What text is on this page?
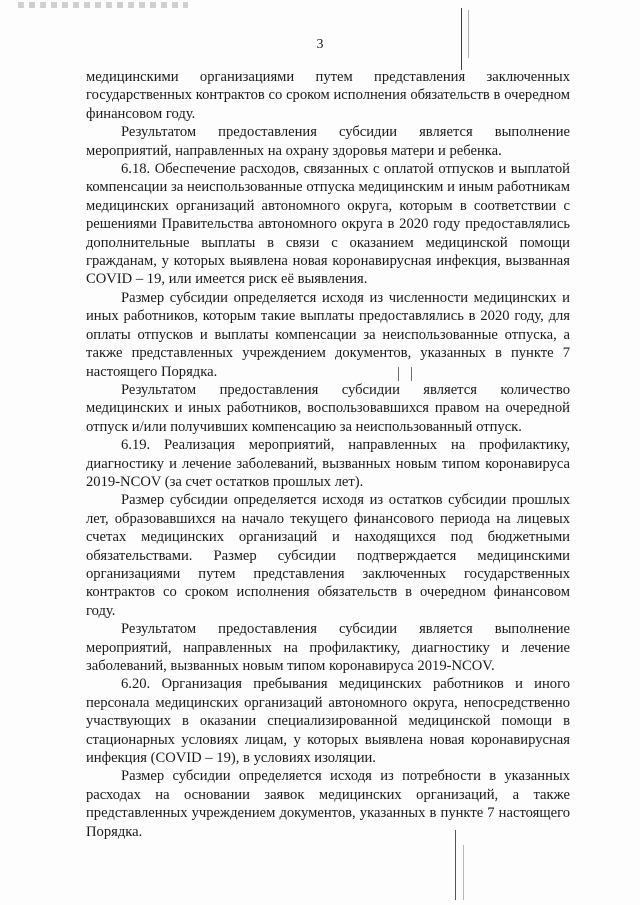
3

медицинскими организациями путем представления заключенных государственных контрактов со сроком исполнения обязательств в очередном финансовом году.

Результатом предоставления субсидии является выполнение мероприятий, направленных на охрану здоровья матери и ребенка.

6.18. Обеспечение расходов, связанных с оплатой отпусков и выплатой компенсации за неиспользованные отпуска медицинским и иным работникам медицинских организаций автономного округа, которым в соответствии с решениями Правительства автономного округа в 2020 году предоставлялись дополнительные выплаты в связи с оказанием медицинской помощи гражданам, у которых выявлена новая коронавирусная инфекция, вызванная COVID – 19, или имеется риск её выявления.

Размер субсидии определяется исходя из численности медицинских и иных работников, которым такие выплаты предоставлялись в 2020 году, для оплаты отпусков и выплаты компенсации за неиспользованные отпуска, а также представленных учреждением документов, указанных в пункте 7 настоящего Порядка.

Результатом предоставления субсидии является количество медицинских и иных работников, воспользовавшихся правом на очередной отпуск и/или получивших компенсацию за неиспользованный отпуск.

6.19. Реализация мероприятий, направленных на профилактику, диагностику и лечение заболеваний, вызванных новым типом коронавируса 2019-NCOV (за счет остатков прошлых лет).

Размер субсидии определяется исходя из остатков субсидии прошлых лет, образовавшихся на начало текущего финансового периода на лицевых счетах медицинских организаций и находящихся под бюджетными обязательствами. Размер субсидии подтверждается медицинскими организациями путем представления заключенных государственных контрактов со сроком исполнения обязательств в очередном финансовом году.

Результатом предоставления субсидии является выполнение мероприятий, направленных на профилактику, диагностику и лечение заболеваний, вызванных новым типом коронавируса 2019-NCOV.

6.20. Организация пребывания медицинских работников и иного персонала медицинских организаций автономного округа, непосредственно участвующих в оказании специализированной медицинской помощи в стационарных условиях лицам, у которых выявлена новая коронавирусная инфекция (COVID – 19), в условиях изоляции.

Размер субсидии определяется исходя из потребности в указанных расходах на основании заявок медицинских организаций, а также представленных учреждением документов, указанных в пункте 7 настоящего Порядка.
